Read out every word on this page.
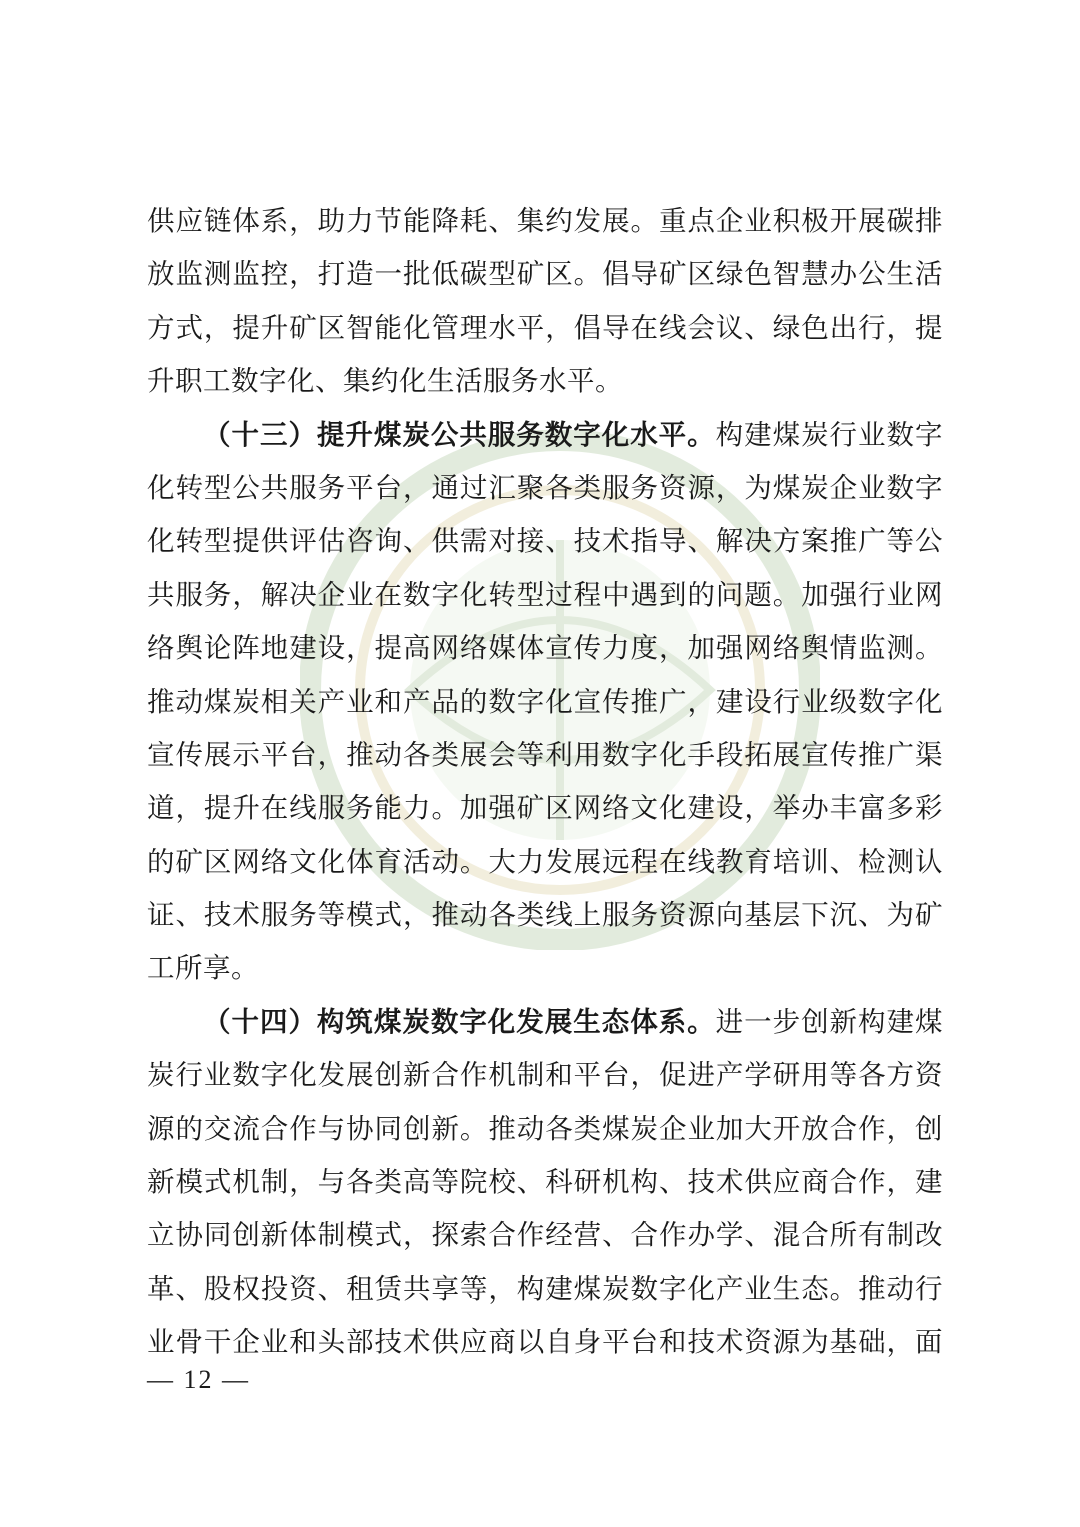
供应链体系，助力节能降耗、集约发展。重点企业积极开展碳排
放监测监控，打造一批低碳型矿区。倡导矿区绿色智慧办公生活
方式，提升矿区智能化管理水平，倡导在线会议、绿色出行，提
升职工数字化、集约化生活服务水平。
（十三）提升煤炭公共服务数字化水平。构建煤炭行业数字
化转型公共服务平台，通过汇聚各类服务资源，为煤炭企业数字
化转型提供评估咨询、供需对接、技术指导、解决方案推广等公
共服务，解决企业在数字化转型过程中遇到的问题。加强行业网
络舆论阵地建设，提高网络媒体宣传力度，加强网络舆情监测。
推动煤炭相关产业和产品的数字化宣传推广，建设行业级数字化
宣传展示平台，推动各类展会等利用数字化手段拓展宣传推广渠
道，提升在线服务能力。加强矿区网络文化建设，举办丰富多彩
的矿区网络文化体育活动。大力发展远程在线教育培训、检测认
证、技术服务等模式，推动各类线上服务资源向基层下沉、为矿
工所享。
（十四）构筑煤炭数字化发展生态体系。进一步创新构建煤
炭行业数字化发展创新合作机制和平台，促进产学研用等各方资
源的交流合作与协同创新。推动各类煤炭企业加大开放合作，创
新模式机制，与各类高等院校、科研机构、技术供应商合作，建
立协同创新体制模式，探索合作经营、合作办学、混合所有制改
革、股权投资、租赁共享等，构建煤炭数字化产业生态。推动行
业骨干企业和头部技术供应商以自身平台和技术资源为基础，面
— 12 —
